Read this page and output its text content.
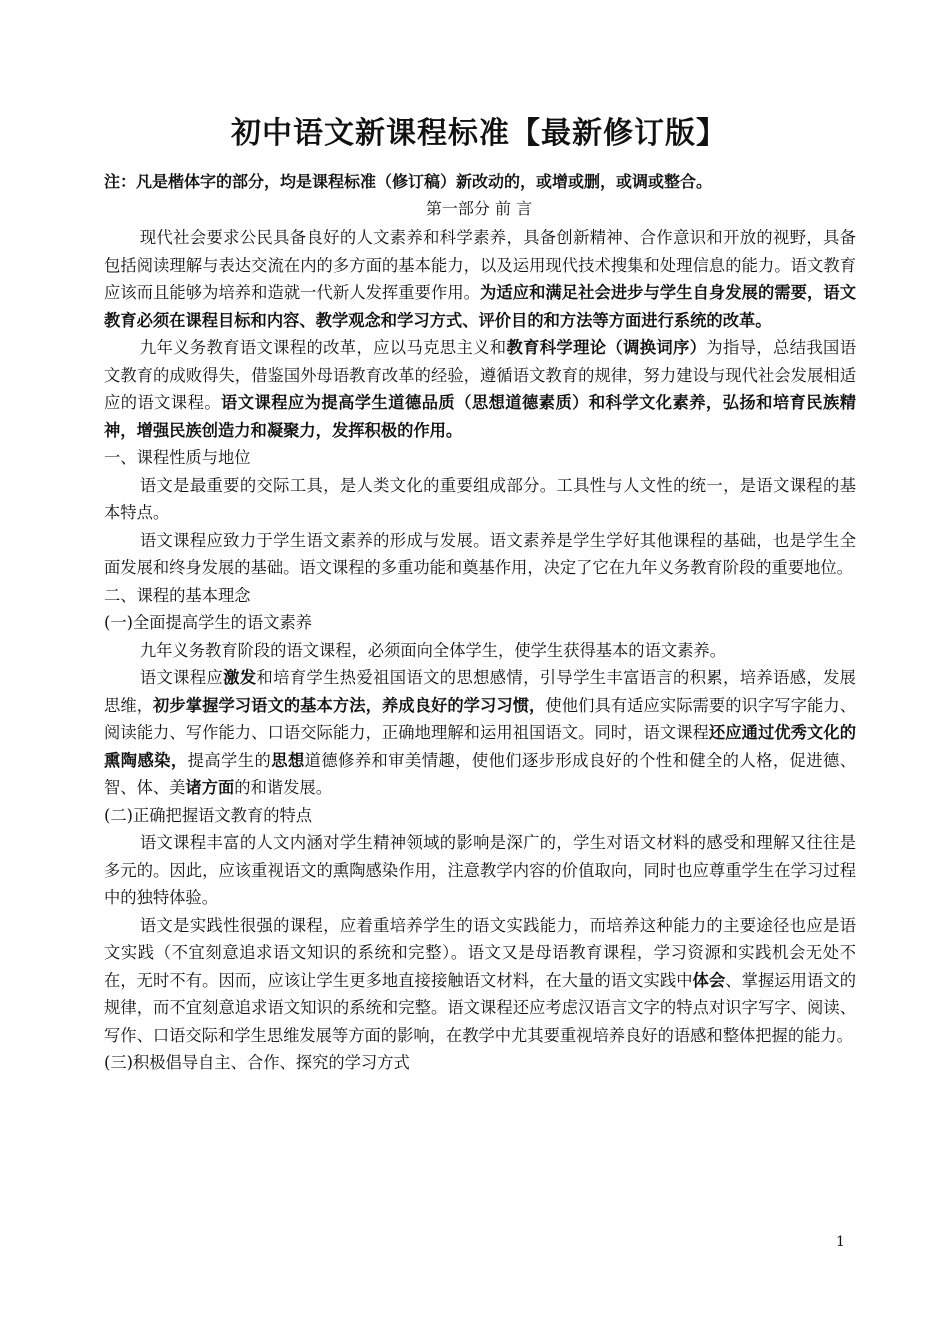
初中语文新课程标准【最新修订版】
注：凡是楷体字的部分，均是课程标准（修订稿）新改动的，或增或删，或调或整合。
第一部分 前 言

现代社会要求公民具备良好的人文素养和科学素养，具备创新精神、合作意识和开放的视野，具备包括阅读理解与表达交流在内的多方面的基本能力，以及运用现代技术搜集和处理信息的能力。语文教育应该而且能够为培养和造就一代新人发挥重要作用。为适应和满足社会进步与学生自身发展的需要，语文教育必须在课程目标和内容、教学观念和学习方式、评价目的和方法等方面进行系统的改革。

九年义务教育语文课程的改革，应以马克思主义和教育科学理论（调换词序）为指导，总结我国语文教育的成败得失，借鉴国外母语教育改革的经验，遵循语文教育的规律，努力建设与现代社会发展相适应的语文课程。语文课程应为提高学生道德品质（思想道德素质）和科学文化素养，弘扬和培育民族精神，增强民族创造力和凝聚力，发挥积极的作用。

一、课程性质与地位

语文是最重要的交际工具，是人类文化的重要组成部分。工具性与人文性的统一，是语文课程的基本特点。

语文课程应致力于学生语文素养的形成与发展。语文素养是学生学好其他课程的基础，也是学生全面发展和终身发展的基础。语文课程的多重功能和奠基作用，决定了它在九年义务教育阶段的重要地位。

二、课程的基本理念

(一)全面提高学生的语文素养

九年义务教育阶段的语文课程，必须面向全体学生，使学生获得基本的语文素养。

语文课程应激发和培育学生热爱祖国语文的思想感情，引导学生丰富语言的积累，培养语感，发展思维，初步掌握学习语文的基本方法，养成良好的学习习惯，使他们具有适应实际需要的识字写字能力、阅读能力、写作能力、口语交际能力，正确地理解和运用祖国语文。同时，语文课程还应通过优秀文化的熏陶感染，提高学生的思想道德修养和审美情趣，使他们逐步形成良好的个性和健全的人格，促进德、智、体、美诸方面的和谐发展。

(二)正确把握语文教育的特点

语文课程丰富的人文内涵对学生精神领域的影响是深广的，学生对语文材料的感受和理解又往往是多元的。因此，应该重视语文的熏陶感染作用，注意教学内容的价值取向，同时也应尊重学生在学习过程中的独特体验。

语文是实践性很强的课程，应着重培养学生的语文实践能力，而培养这种能力的主要途径也应是语文实践（不宜刻意追求语文知识的系统和完整）。语文又是母语教育课程，学习资源和实践机会无处不在，无时不有。因而，应该让学生更多地直接接触语文材料，在大量的语文实践中体会、掌握运用语文的规律，而不宜刻意追求语文知识的系统和完整。语文课程还应考虑汉语言文字的特点对识字写字、阅读、写作、口语交际和学生思维发展等方面的影响，在教学中尤其要重视培养良好的语感和整体把握的能力。

(三)积极倡导自主、合作、探究的学习方式

1
